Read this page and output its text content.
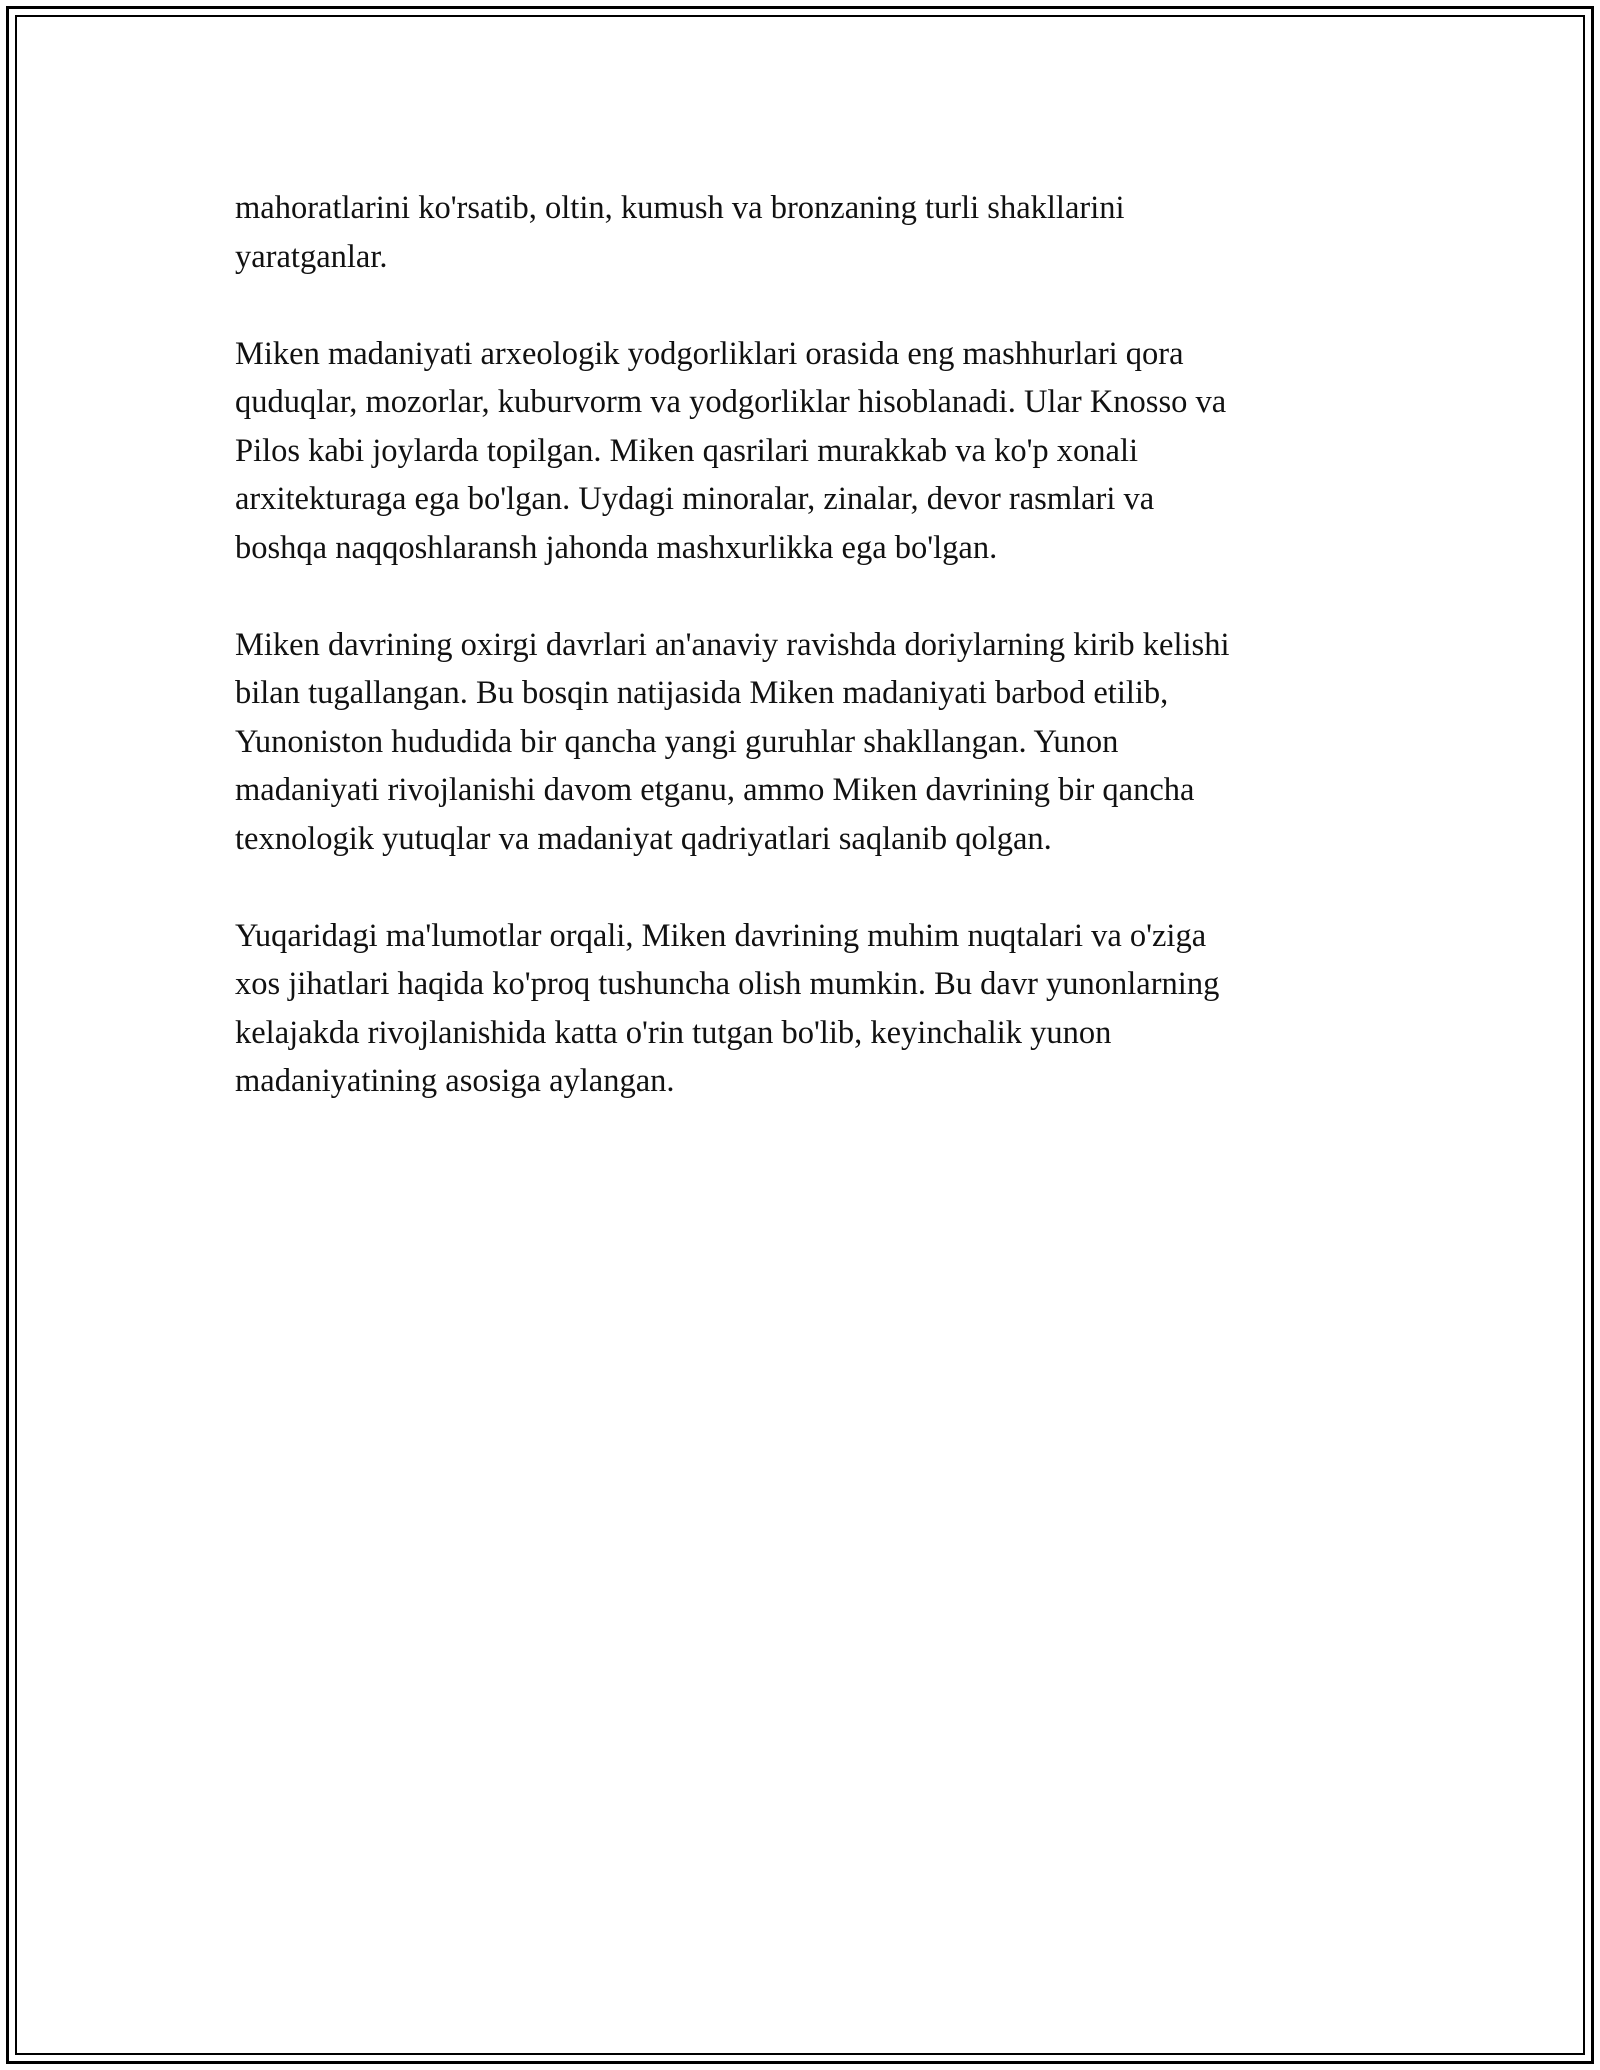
mahoratlarini ko'rsatib, oltin, kumush va bronzaning turli shakllarini
yaratganlar.

Miken madaniyati arxeologik yodgorliklari orasida eng mashhurlari qora
quduqlar, mozorlar, kuburvorm va yodgorliklar hisoblanadi. Ular Knosso va
Pilos kabi joylarda topilgan. Miken qasrilari murakkab va ko'p xonali
arxitekturaga ega bo'lgan. Uydagi minoralar, zinalar, devor rasmlari va
boshqa naqqoshlaransh jahonda mashxurlikka ega bo'lgan.

Miken davrining oxirgi davrlari an'anaviy ravishda doriylarning kirib kelishi
bilan tugallangan. Bu bosqin natijasida Miken madaniyati barbod etilib,
Yunoniston hududida bir qancha yangi guruhlar shakllangan. Yunon
madaniyati rivojlanishi davom etganu, ammo Miken davrining bir qancha
texnologik yutuqlar va madaniyat qadriyatlari saqlanib qolgan.

Yuqaridagi ma'lumotlar orqali, Miken davrining muhim nuqtalari va o'ziga
xos jihatlari haqida ko'proq tushuncha olish mumkin. Bu davr yunonlarning
kelajakda rivojlanishida katta o'rin tutgan bo'lib, keyinchalik yunon
madaniyatining asosiga aylangan.
